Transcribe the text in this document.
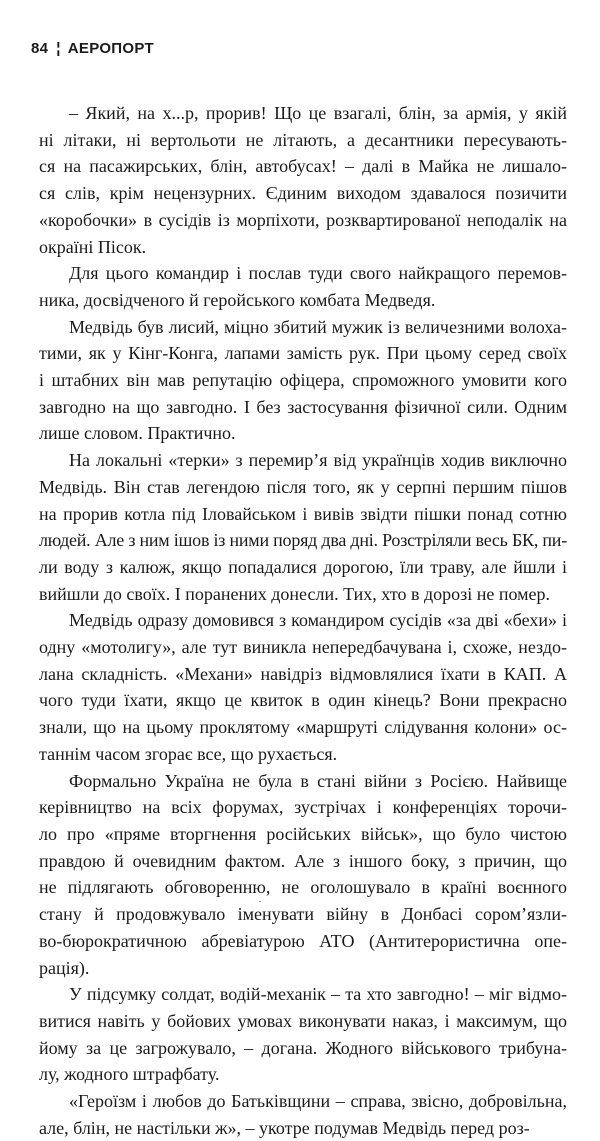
84 ¦ АЕРОПОРТ
– Який, на х...р, прорив! Що це взагалі, блін, за армія, у якій
ні літаки, ні вертольоти не літають, а десантники пересувають-
ся на пасажирських, блін, автобусах! – далі в Майка не лишало-
ся слів, крім нецензурних. Єдиним виходом здавалося позичити
«коробочки» в сусідів із морпіхоти, розквартированої неподалік на
окраїні Пісок.
Для цього командир і послав туди свого найкращого перемов-
ника, досвідченого й геройського комбата Медведя.
Медвідь був лисий, міцно збитий мужик із величезними волоха-
тими, як у Кінг-Конга, лапами замість рук. При цьому серед своїх
і штабних він мав репутацію офіцера, спроможного умовити кого
завгодно на що завгодно. І без застосування фізичної сили. Одним
лише словом. Практично.
На локальні «терки» з перемир’я від українців ходив виключно
Медвідь. Він став легендою після того, як у серпні першим пішов
на прорив котла під Іловайськом і вивів звідти пішки понад сотню
людей. Але з ним ішов із ними поряд два дні. Розстріляли весь БК, пи-
ли воду з калюж, якщо попадалися дорогою, їли траву, але йшли і
вийшли до своїх. І поранених донесли. Тих, хто в дорозі не помер.
Медвідь одразу домовився з командиром сусідів «за дві «бехи» і
одну «мотолигу», але тут виникла непередбачувана і, схоже, нездо-
лана складність. «Механи» навідріз відмовлялися їхати в КАП. А
чого туди їхати, якщо це квиток в один кінець? Вони прекрасно
знали, що на цьому проклятому «маршруті слідування колони» ос-
таннім часом згорає все, що рухається.
Формально Україна не була в стані війни з Росією. Найвище
керівництво на всіх форумах, зустрічах і конференціях торочи-
ло про «пряме вторгнення російських військ», що було чистою
правдою й очевидним фактом. Але з іншого боку, з причин, що
не підлягають обговоренню, не оголошувало в країні воєнного
стану й продовжувало іменувати війну в Донбасі сором’язли-
во-бюрократичною абревіатурою АТО (Антитерористична опе-
рація).
У підсумку солдат, водій-механік – та хто завгодно! – міг відмо-
витися навіть у бойових умовах виконувати наказ, і максимум, що
йому за це загрожувало, – догана. Жодного військового трибуна-
лу, жодного штрафбату.
«Героїзм і любов до Батьківщини – справа, звісно, добровільна,
але, блін, не настільки ж», – укотре подумав Медвідь перед роз-
·
